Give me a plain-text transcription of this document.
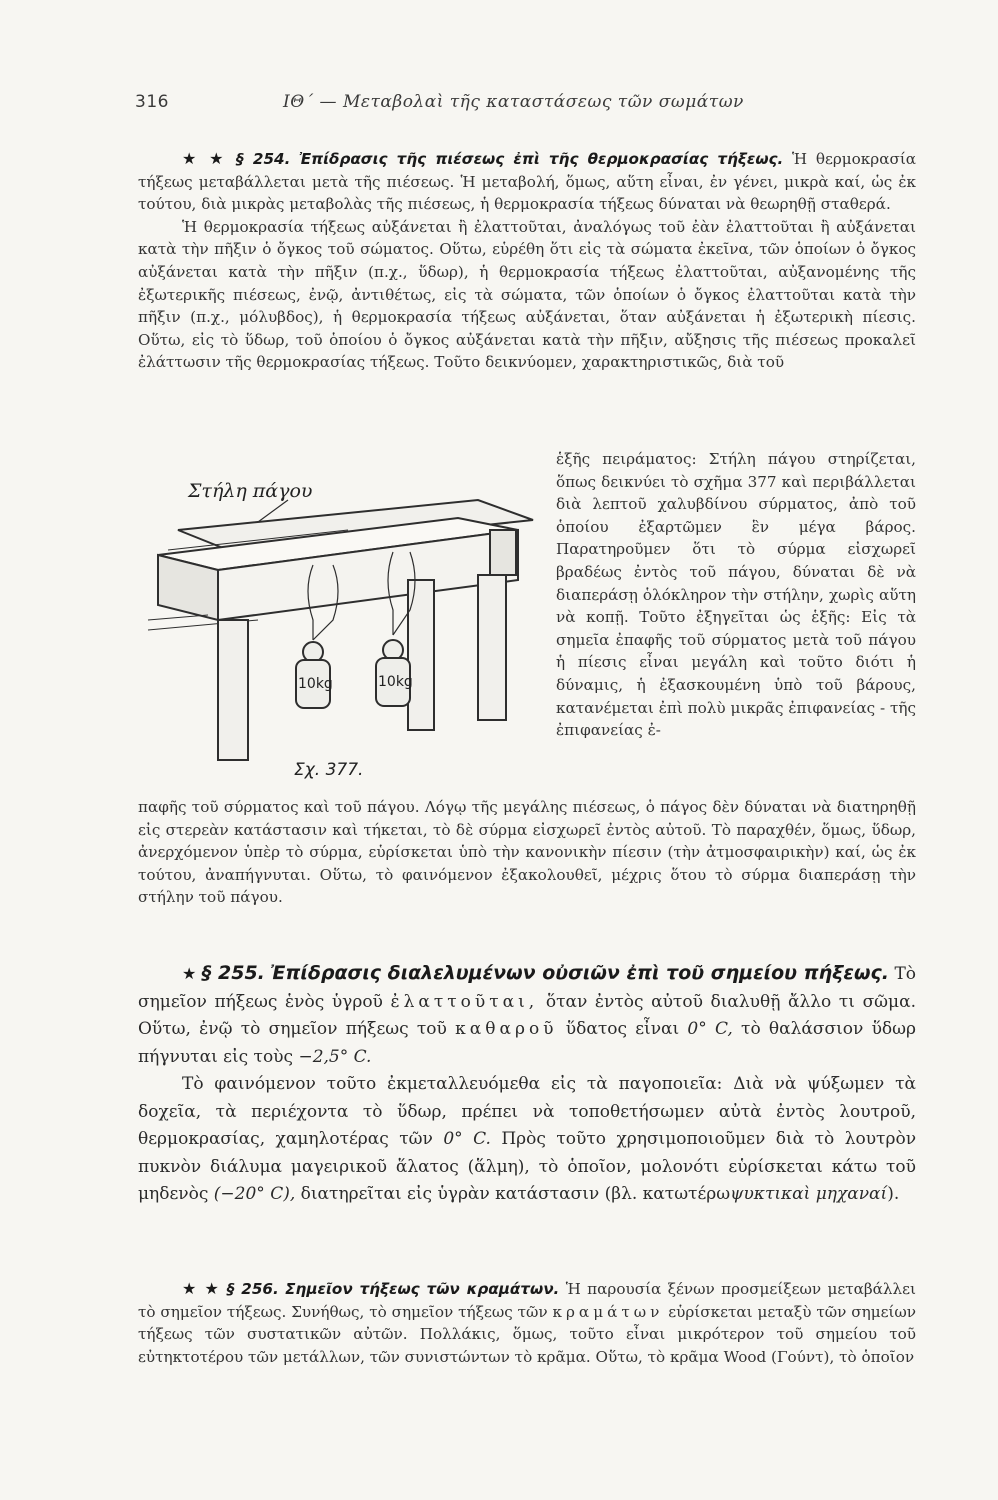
316	ΙΘ΄ — Μεταβολαὶ τῆς καταστάσεως τῶν σωμάτων

★ ★ § 254. Ἐπίδρασις τῆς πιέσεως ἐπὶ τῆς θερμοκρασίας τήξεως. Ἡ θερμοκρασία τήξεως μεταβάλλεται μετὰ τῆς πιέσεως. Ἡ μεταβολή, ὅμως, αὕτη εἶναι, ἐν γένει, μικρὰ καί, ὡς ἐκ τούτου, διὰ μικρὰς μεταβολὰς τῆς πιέσεως, ἡ θερμοκρασία τήξεως δύναται νὰ θεωρηθῇ σταθερά.

Ἡ θερμοκρασία τήξεως αὐξάνεται ἢ ἐλαττοῦται, ἀναλόγως τοῦ ἐὰν ἐλαττοῦται ἢ αὐξάνεται κατὰ τὴν πῆξιν ὁ ὄγκος τοῦ σώματος. Οὕτω, εὑρέθη ὅτι εἰς τὰ σώματα ἐκεῖνα, τῶν ὁποίων ὁ ὄγκος αὐξάνεται κατὰ τὴν πῆξιν (π.χ., ὕδωρ), ἡ θερμοκρασία τήξεως ἐλαττοῦται, αὐξανομένης τῆς ἐξωτερικῆς πιέσεως, ἐνῷ, ἀντιθέτως, εἰς τὰ σώματα, τῶν ὁποίων ὁ ὄγκος ἐλαττοῦται κατὰ τὴν πῆξιν (π.χ., μόλυβδος), ἡ θερμοκρασία τήξεως αὐξάνεται, ὅταν αὐξάνεται ἡ ἐξωτερικὴ πίεσις. Οὕτω, εἰς τὸ ὕδωρ, τοῦ ὁποίου ὁ ὄγκος αὐξάνεται κατὰ τὴν πῆξιν, αὔξησις τῆς πιέσεως προκαλεῖ ἐλάττωσιν τῆς θερμοκρασίας τήξεως. Τοῦτο δεικνύομεν, χαρακτηριστικῶς, διὰ τοῦ

10kg	10kg
Στήλη πάγου
Σχ. 377.

ἑξῆς πειράματος: Στήλη πάγου στηρίζεται, ὅπως δεικνύει τὸ σχῆμα 377 καὶ περιβάλλεται διὰ λεπτοῦ χαλυβδίνου σύρματος, ἀπὸ τοῦ ὁποίου ἐξαρτῶμεν ἓν μέγα βάρος. Παρατηροῦμεν ὅτι τὸ σύρμα εἰσχωρεῖ βραδέως ἐντὸς τοῦ πάγου, δύναται δὲ νὰ διαπεράσῃ ὁλόκληρον τὴν στήλην, χωρὶς αὕτη νὰ κοπῇ. Τοῦτο ἐξηγεῖται ὡς ἑξῆς: Εἰς τὰ σημεῖα ἐπαφῆς τοῦ σύρματος μετὰ τοῦ πάγου ἡ πίεσις εἶναι μεγάλη καὶ τοῦτο διότι ἡ δύναμις, ἡ ἐξασκουμένη ὑπὸ τοῦ βάρους, κατανέμεται ἐπὶ πολὺ μικρᾶς ἐπιφανείας - τῆς ἐπιφανείας ἐ-

παφῆς τοῦ σύρματος καὶ τοῦ πάγου. Λόγῳ τῆς μεγάλης πιέσεως, ὁ πάγος δὲν δύναται νὰ διατηρηθῇ εἰς στερεὰν κατάστασιν καὶ τήκεται, τὸ δὲ σύρμα εἰσχωρεῖ ἐντὸς αὐτοῦ. Τὸ παραχθέν, ὅμως, ὕδωρ, ἀνερχόμενον ὑπὲρ τὸ σύρμα, εὑρίσκεται ὑπὸ τὴν κανονικὴν πίεσιν (τὴν ἀτμοσφαιρικὴν) καί, ὡς ἐκ τούτου, ἀναπήγνυται. Οὕτω, τὸ φαινόμενον ἐξακολουθεῖ, μέχρις ὅτου τὸ σύρμα διαπεράσῃ τὴν στήλην τοῦ πάγου.

★ § 255. Ἐπίδρασις διαλελυμένων οὐσιῶν ἐπὶ τοῦ σημείου πήξεως. Τὸ σημεῖον πήξεως ἑνὸς ὑγροῦ ἐλαττοῦται, ὅταν ἐντὸς αὐτοῦ διαλυθῇ ἄλλο τι σῶμα. Οὕτω, ἐνῷ τὸ σημεῖον πήξεως τοῦ καθαροῦ ὕδατος εἶναι 0° C, τὸ θαλάσσιον ὕδωρ πήγνυται εἰς τοὺς −2,5° C.

Τὸ φαινόμενον τοῦτο ἐκμεταλλευόμεθα εἰς τὰ παγοποιεῖα: Διὰ νὰ ψύξωμεν τὰ δοχεῖα, τὰ περιέχοντα τὸ ὕδωρ, πρέπει νὰ τοποθετήσωμεν αὐτὰ ἐντὸς λουτροῦ, θερμοκρασίας, χαμηλοτέρας τῶν 0° C. Πρὸς τοῦτο χρησιμοποιοῦμεν διὰ τὸ λουτρὸν πυκνὸν διάλυμα μαγειρικοῦ ἅλατος (ἅλμη), τὸ ὁποῖον, μολονότι εὑρίσκεται κάτω τοῦ μηδενὸς (−20° C), διατηρεῖται εἰς ὑγρὰν κατάστασιν (βλ. κατωτέρωψυκτικαὶ μηχαναί).

★ ★ § 256. Σημεῖον τήξεως τῶν κραμάτων. Ἡ παρουσία ξένων προσμείξεων μεταβάλλει τὸ σημεῖον τήξεως. Συνήθως, τὸ σημεῖον τήξεως τῶν κραμάτων εὑρίσκεται μεταξὺ τῶν σημείων τήξεως τῶν συστατικῶν αὐτῶν. Πολλάκις, ὅμως, τοῦτο εἶναι μικρότερον τοῦ σημείου τοῦ εὐτηκτοτέρου τῶν μετάλλων, τῶν συνιστώντων τὸ κρᾶμα. Οὕτω, τὸ κρᾶμα Wood (Γούντ), τὸ ὁποῖον
